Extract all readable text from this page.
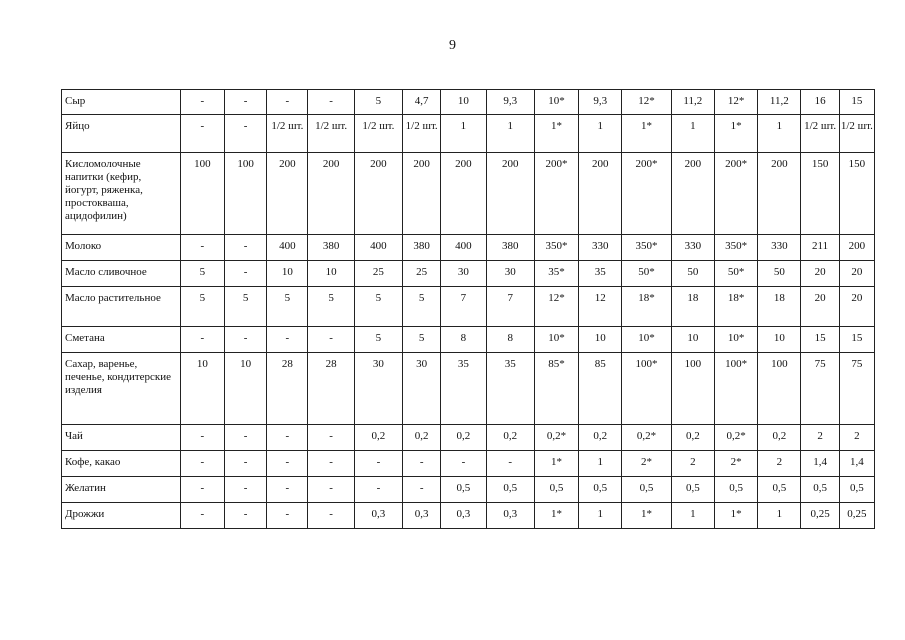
9
Сыр	-	-	-	-	5	4,7	10	9,3	10*	9,3	12*	11,2	12*	11,2	16	15
Яйцо	-	-	1/2 шт.	1/2 шт.	1/2 шт.	1/2 шт.	1	1	1*	1	1*	1	1*	1	1/2 шт.	1/2 шт.
Кисломолочные напитки (кефир, йогурт, ряженка, простокваша, ацидофилин)	100	100	200	200	200	200	200	200	200*	200	200*	200	200*	200	150	150
Молоко	-	-	400	380	400	380	400	380	350*	330	350*	330	350*	330	211	200
Масло сливочное	5	-	10	10	25	25	30	30	35*	35	50*	50	50*	50	20	20
Масло растительное	5	5	5	5	5	5	7	7	12*	12	18*	18	18*	18	20	20
Сметана	-	-	-	-	5	5	8	8	10*	10	10*	10	10*	10	15	15
Сахар, варенье, печенье, кондитерские изделия	10	10	28	28	30	30	35	35	85*	85	100*	100	100*	100	75	75
Чай	-	-	-	-	0,2	0,2	0,2	0,2	0,2*	0,2	0,2*	0,2	0,2*	0,2	2	2
Кофе, какао	-	-	-	-	-	-	-	-	1*	1	2*	2	2*	2	1,4	1,4
Желатин	-	-	-	-	-	-	0,5	0,5	0,5	0,5	0,5	0,5	0,5	0,5	0,5	0,5
Дрожжи	-	-	-	-	0,3	0,3	0,3	0,3	1*	1	1*	1	1*	1	0,25	0,25
